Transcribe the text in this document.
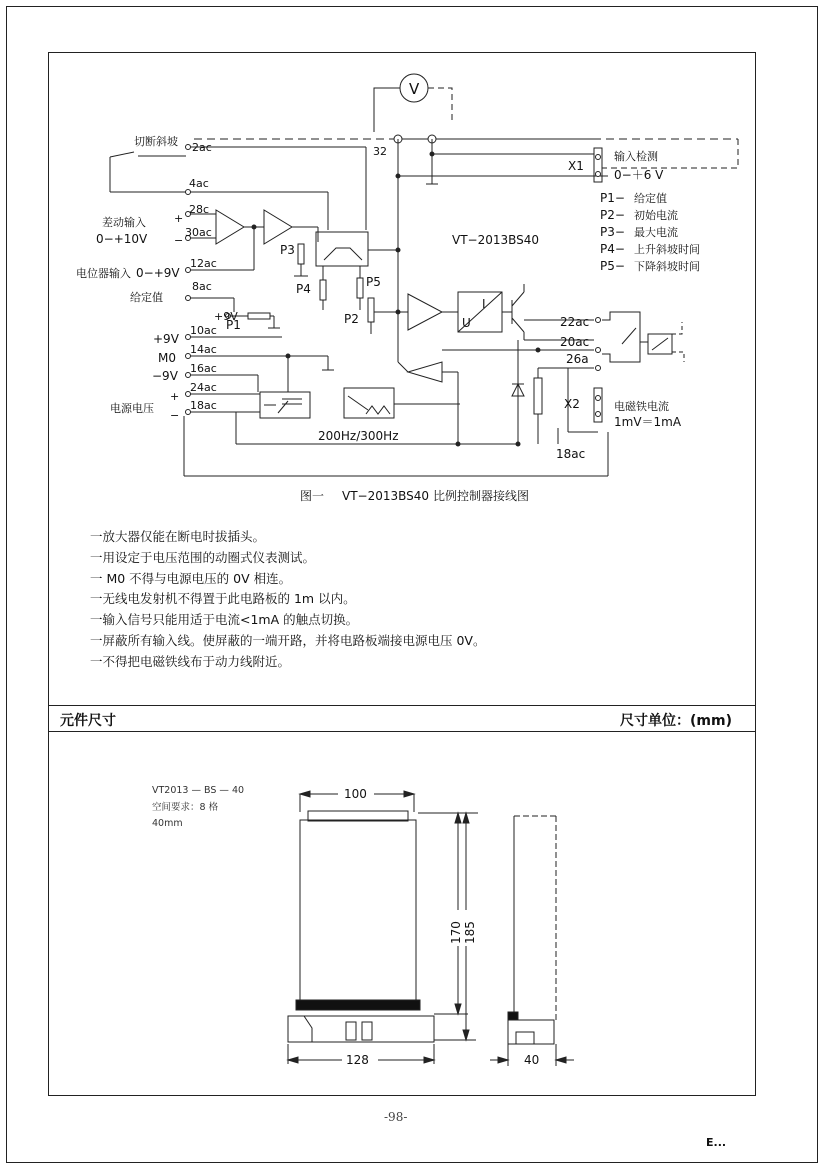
切断斜坡 2ac
4ac
28c
30ac
差动输入
0−+10V
+
−
12ac
电位器输入 0−+9V
8ac
给定值
+9V
P1
+9V
10ac
M0
14ac
−9V
16ac
24ac
电源电压
+
−
18ac
P3
P4	P5
P2
32
V
X1
VT−2013BS40
I
U
200Hz/300Hz
22ac
20ac
26a
X2
18ac
输入检测
0−＋6 V
电磁铁电流
1mV＝1mA
P1− 给定值
P2− 初始电流
P3− 最大电流
P4− 上升斜坡时间
P5− 下降斜坡时间
图一 VT−2013BS40 比例控制器接线图
一放大器仅能在断电时拔插头。
一用设定于电压范围的动圈式仪表测试。
一 M0 不得与电源电压的 0V 相连。
一无线电发射机不得置于此电路板的 1m 以内。
一输入信号只能用适于电流<1mA 的触点切换。
一屏蔽所有输入线。使屏蔽的一端开路，并将电路板端接电源电压 0V。
一不得把电磁铁线布于动力线附近。
元件尺寸	尺寸单位：(mm)
VT2013 — BS — 40
空间要求：8 格
40mm
100
170 185
128	40
-98-
E...
